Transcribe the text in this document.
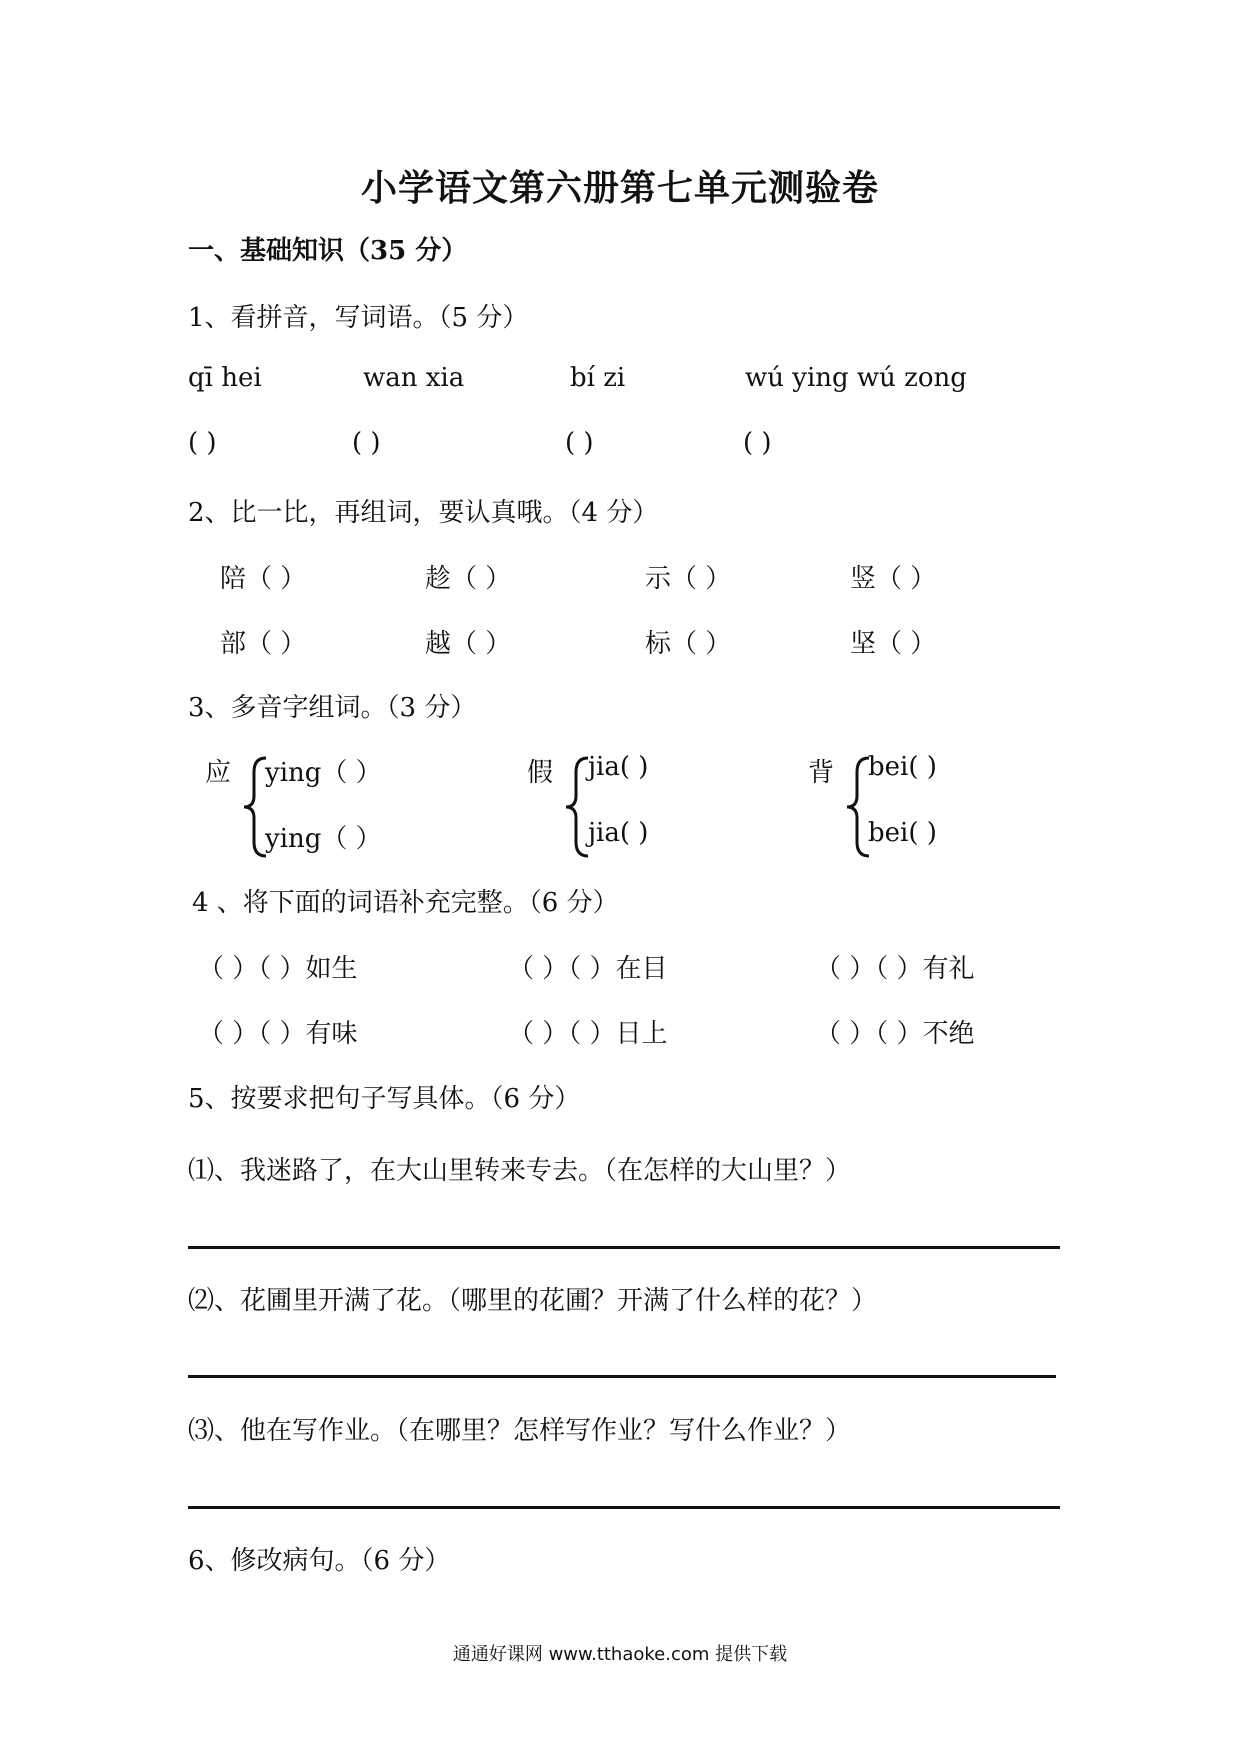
小学语文第六册第七单元测验卷
一、基础知识（35 分）
1、看拼音，写词语。（5 分）
qī hei	wan xia	bí zi	wú ying wú zong
( )	( )	( )	( )
2、比一比，再组词，要认真哦。（4 分）
陪（ ）	趁（ ）	示（ ）	竖（ ）
部（ ）	越（ ）	标（ ）	坚（ ）
3、多音字组词。（3 分）
应 ying（ ）
ying（ ）
假 jia( )
jia( )
背 bei( )
bei( )
4 、将下面的词语补充完整。（6 分）
（ ）（ ）如生	（ ）（ ）在目	（ ）（ ）有礼
（ ）（ ）有味	（ ）（ ）日上	（ ）（ ）不绝
5、按要求把句子写具体。（6 分）
⑴、我迷路了，在大山里转来专去。（在怎样的大山里？）
⑵、花圃里开满了花。（哪里的花圃？开满了什么样的花？）
⑶、他在写作业。（在哪里？怎样写作业？写什么作业？）
6、修改病句。（6 分）
通通好课网 www.tthaoke.com 提供下载
